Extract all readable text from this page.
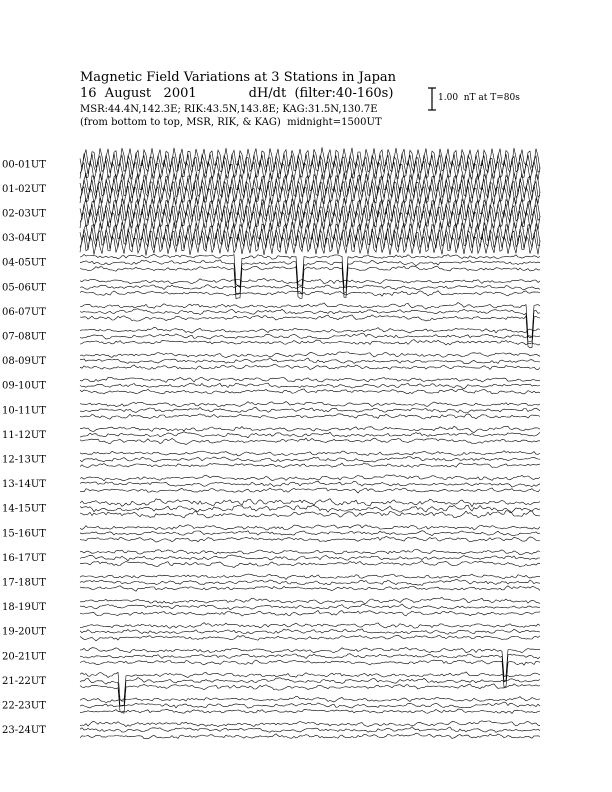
Magnetic Field Variations at 3 Stations in Japan
16  August   2001	dH/dt  (filter:40-160s)
MSR:44.4N,142.3E; RIK:43.5N,143.8E; KAG:31.5N,130.7E
(from bottom to top, MSR, RIK, & KAG)  midnight=1500UT
1.00  nT at T=80s
00-01UT
01-02UT
02-03UT
03-04UT
04-05UT
05-06UT
06-07UT
07-08UT
08-09UT
09-10UT
10-11UT
11-12UT
12-13UT
13-14UT
14-15UT
15-16UT
16-17UT
17-18UT
18-19UT
19-20UT
20-21UT
21-22UT
22-23UT
23-24UT
